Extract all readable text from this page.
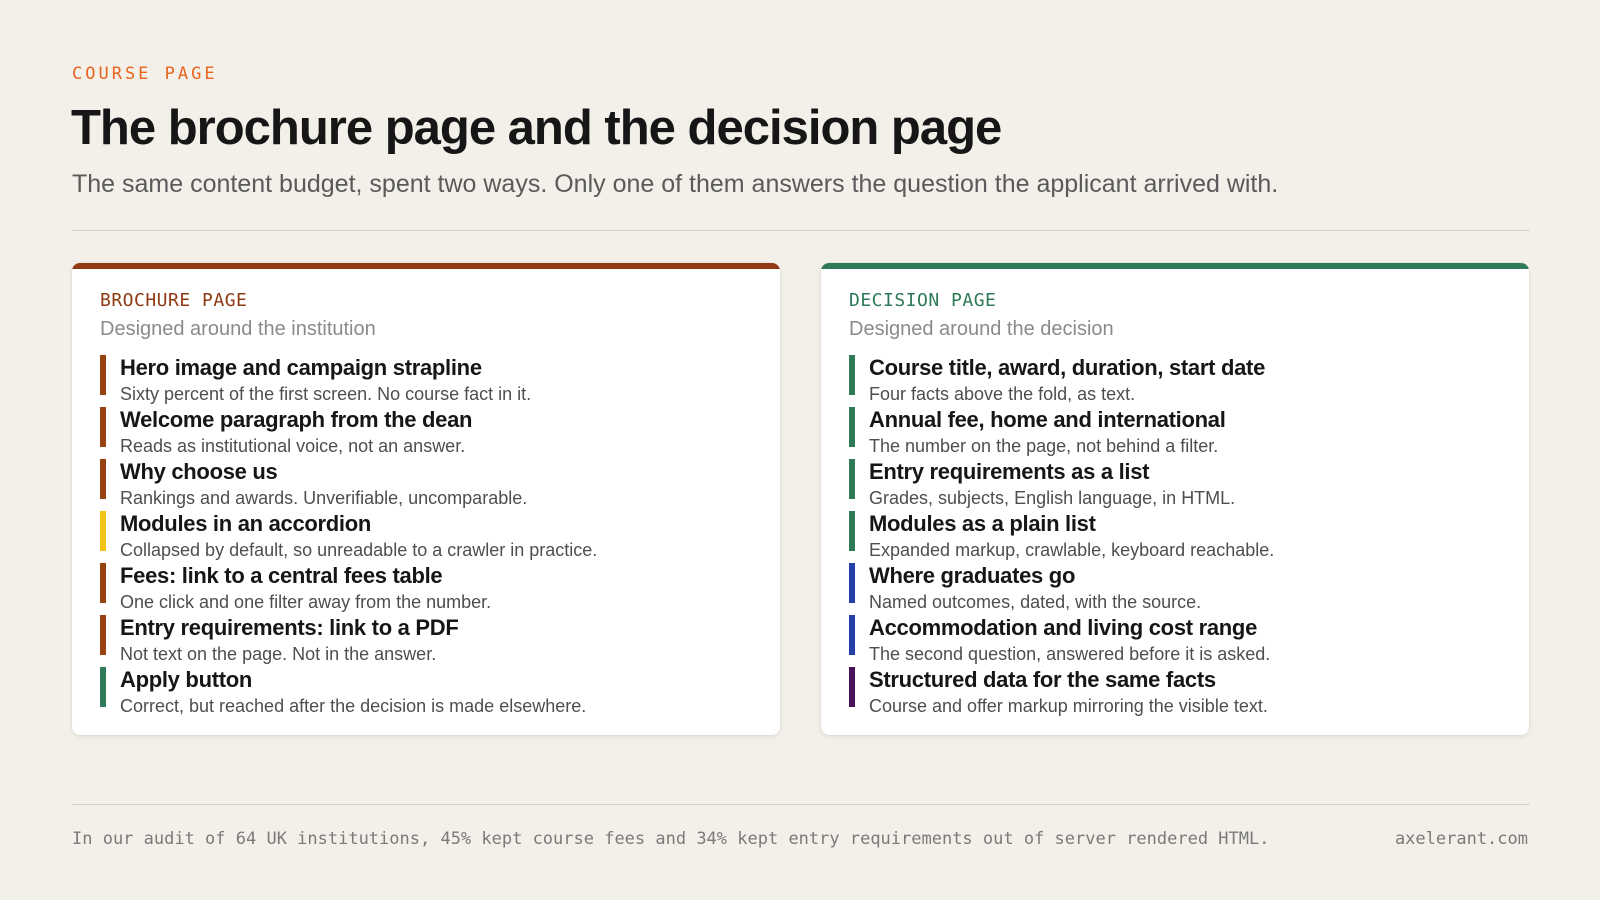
COURSE PAGE
The brochure page and the decision page
The same content budget, spent two ways. Only one of them answers the question the applicant arrived with.
BROCHURE PAGE
Designed around the institution
Hero image and campaign strapline
Sixty percent of the first screen. No course fact in it.
Welcome paragraph from the dean
Reads as institutional voice, not an answer.
Why choose us
Rankings and awards. Unverifiable, uncomparable.
Modules in an accordion
Collapsed by default, so unreadable to a crawler in practice.
Fees: link to a central fees table
One click and one filter away from the number.
Entry requirements: link to a PDF
Not text on the page. Not in the answer.
Apply button
Correct, but reached after the decision is made elsewhere.
DECISION PAGE
Designed around the decision
Course title, award, duration, start date
Four facts above the fold, as text.
Annual fee, home and international
The number on the page, not behind a filter.
Entry requirements as a list
Grades, subjects, English language, in HTML.
Modules as a plain list
Expanded markup, crawlable, keyboard reachable.
Where graduates go
Named outcomes, dated, with the source.
Accommodation and living cost range
The second question, answered before it is asked.
Structured data for the same facts
Course and offer markup mirroring the visible text.
In our audit of 64 UK institutions, 45% kept course fees and 34% kept entry requirements out of server rendered HTML.	axelerant.com
